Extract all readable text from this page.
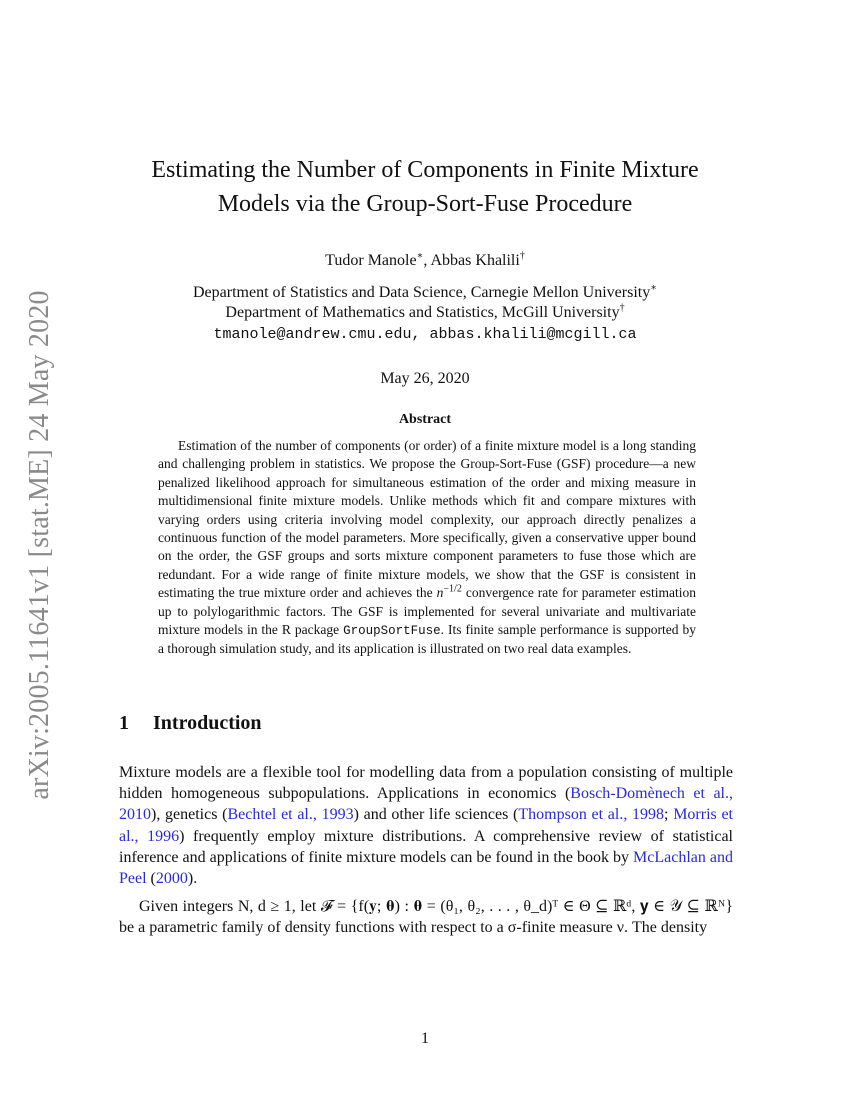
arXiv:2005.11641v1 [stat.ME] 24 May 2020
Estimating the Number of Components in Finite Mixture
Models via the Group-Sort-Fuse Procedure
Tudor Manole∗, Abbas Khalili†
Department of Statistics and Data Science, Carnegie Mellon University∗
Department of Mathematics and Statistics, McGill University†
tmanole@andrew.cmu.edu, abbas.khalili@mcgill.ca
May 26, 2020
Abstract
Estimation of the number of components (or order) of a finite mixture model is a long standing and challenging problem in statistics. We propose the Group-Sort-Fuse (GSF) procedure—a new penalized likelihood approach for simultaneous estimation of the order and mixing measure in multidimensional finite mixture models. Unlike methods which fit and compare mixtures with varying orders using criteria involving model complexity, our approach directly penalizes a continuous function of the model parameters. More specifically, given a conservative upper bound on the order, the GSF groups and sorts mixture component parameters to fuse those which are redundant. For a wide range of finite mixture models, we show that the GSF is consistent in estimating the true mixture order and achieves the $n^{-1/2}$ convergence rate for parameter estimation up to polylogarithmic factors. The GSF is implemented for several univariate and multivariate mixture models in the R package GroupSortFuse. Its finite sample performance is supported by a thorough simulation study, and its application is illustrated on two real data examples.
1 Introduction
Mixture models are a flexible tool for modelling data from a population consisting of multiple hidden homogeneous subpopulations. Applications in economics (Bosch-Domènech et al., 2010), genetics (Bechtel et al., 1993) and other life sciences (Thompson et al., 1998; Morris et al., 1996) frequently employ mixture distributions. A comprehensive review of statistical inference and applications of finite mixture models can be found in the book by McLachlan and Peel (2000).
Given integers N, d ≥ 1, let 𝓕 = {f(𝐲; 𝛉) : 𝛉 = (θ₁, θ₂, . . . , θ_d)ᵀ ∈ Θ ⊆ ℝᵈ, 𝐲 ∈ 𝒴 ⊆ ℝᴺ} be a parametric family of density functions with respect to a σ-finite measure ν. The density
1
